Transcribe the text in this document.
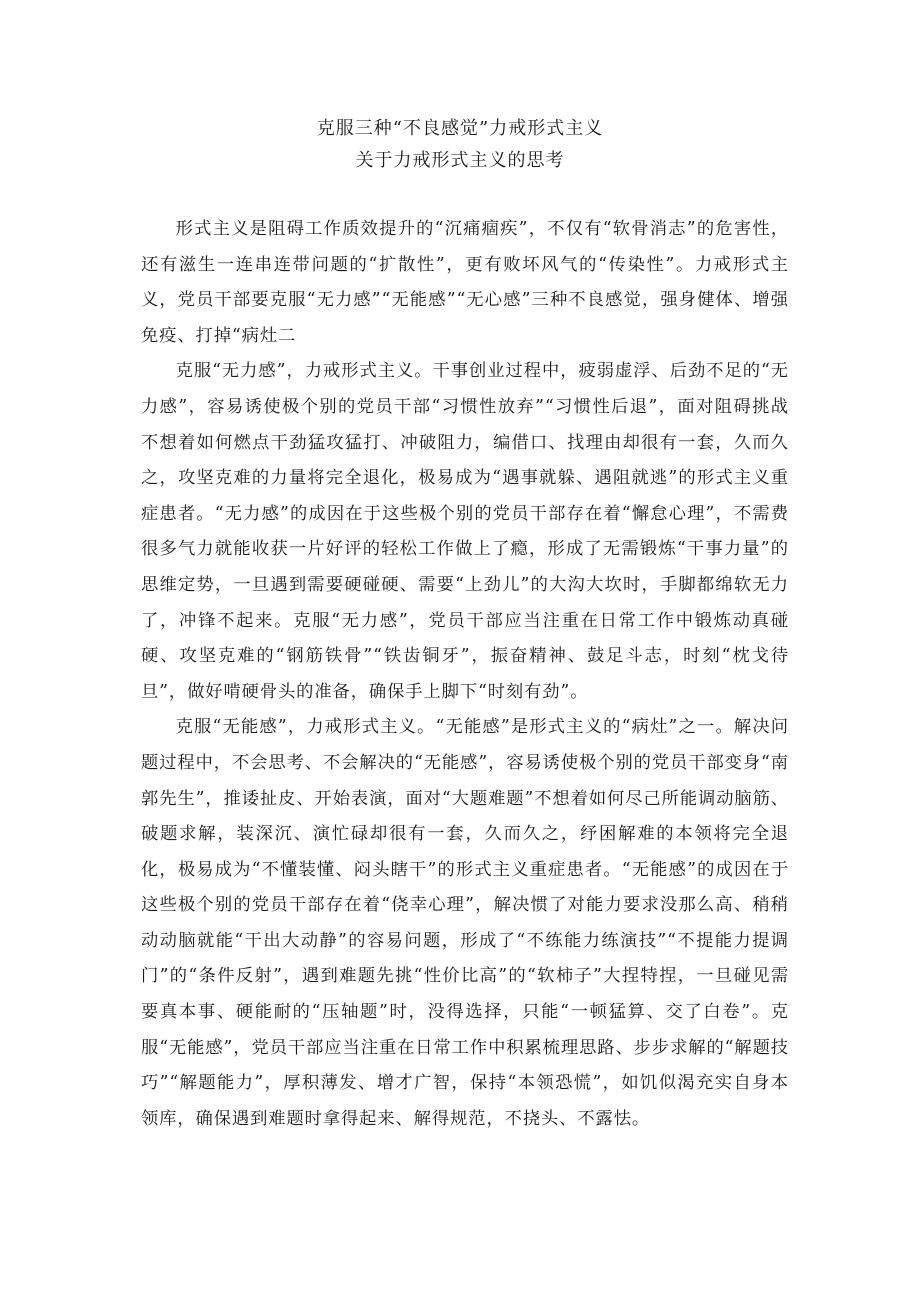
克服三种“不良感觉”力戒形式主义
关于力戒形式主义的思考

形式主义是阻碍工作质效提升的“沉痛痼疾”，不仅有“软骨消志”的危害性，还有滋生一连串连带问题的“扩散性”，更有败坏风气的“传染性”。力戒形式主义，党员干部要克服“无力感”“无能感”“无心感”三种不良感觉，强身健体、增强免疫、打掉“病灶二

克服“无力感”，力戒形式主义。干事创业过程中，疲弱虚浮、后劲不足的“无力感”，容易诱使极个别的党员干部“习惯性放弃”“习惯性后退”，面对阻碍挑战不想着如何燃点干劲猛攻猛打、冲破阻力，编借口、找理由却很有一套，久而久之，攻坚克难的力量将完全退化，极易成为“遇事就躲、遇阻就逃”的形式主义重症患者。“无力感”的成因在于这些极个别的党员干部存在着“懈怠心理”，不需费很多气力就能收获一片好评的轻松工作做上了瘾，形成了无需锻炼“干事力量”的思维定势，一旦遇到需要硬碰硬、需要“上劲儿”的大沟大坎时，手脚都绵软无力了，冲锋不起来。克服“无力感”，党员干部应当注重在日常工作中锻炼动真碰硬、攻坚克难的“钢筋铁骨”“铁齿铜牙”，振奋精神、鼓足斗志，时刻“枕戈待旦”，做好啃硬骨头的准备，确保手上脚下“时刻有劲”。

克服“无能感”，力戒形式主义。“无能感”是形式主义的“病灶”之一。解决问题过程中，不会思考、不会解决的“无能感”，容易诱使极个别的党员干部变身“南郭先生”，推诿扯皮、开始表演，面对“大题难题”不想着如何尽己所能调动脑筋、破题求解，装深沉、演忙碌却很有一套，久而久之，纾困解难的本领将完全退化，极易成为“不懂装懂、闷头瞎干”的形式主义重症患者。“无能感”的成因在于这些极个别的党员干部存在着“侥幸心理”，解决惯了对能力要求没那么高、稍稍动动脑就能“干出大动静”的容易问题，形成了“不练能力练演技”“不提能力提调门”的“条件反射”，遇到难题先挑“性价比高”的“软柿子”大捏特捏，一旦碰见需要真本事、硬能耐的“压轴题”时，没得选择，只能“一顿猛算、交了白卷”。克服“无能感”，党员干部应当注重在日常工作中积累梳理思路、步步求解的“解题技巧”“解题能力”，厚积薄发、增才广智，保持“本领恐慌”，如饥似渴充实自身本领库，确保遇到难题时拿得起来、解得规范，不挠头、不露怯。
